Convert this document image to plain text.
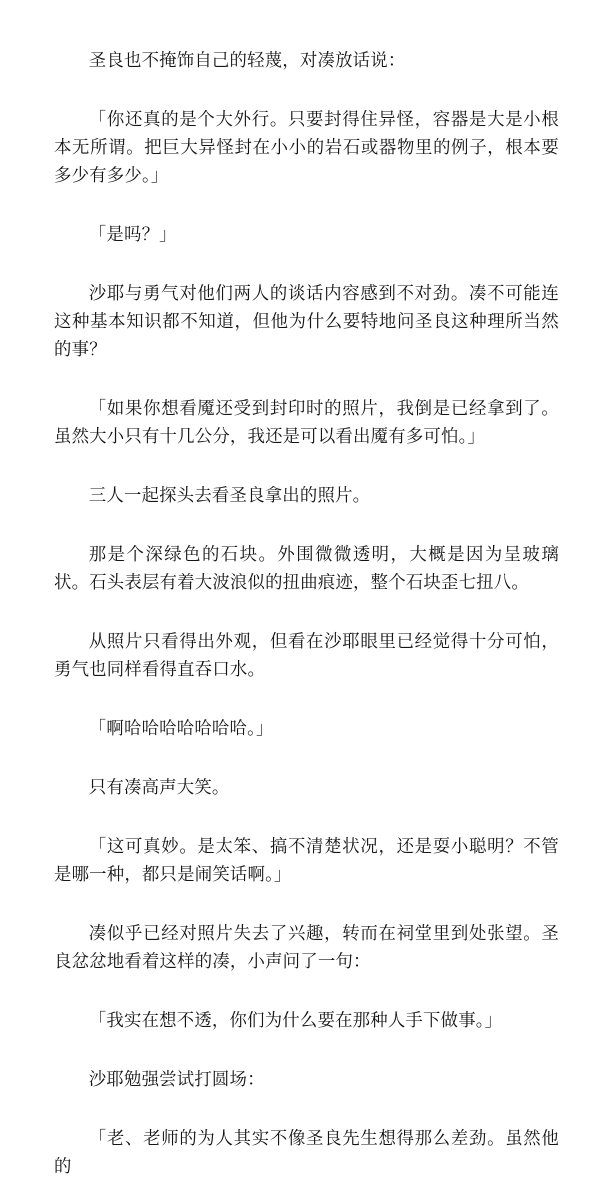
圣良也不掩饰自己的轻蔑，对凑放话说：

「你还真的是个大外行。只要封得住异怪，容器是大是小根本无所谓。把巨大异怪封在小小的岩石或器物里的例子，根本要多少有多少。」

「是吗？」

沙耶与勇气对他们两人的谈话内容感到不对劲。凑不可能连这种基本知识都不知道，但他为什么要特地问圣良这种理所当然的事？

「如果你想看魇还受到封印时的照片，我倒是已经拿到了。虽然大小只有十几公分，我还是可以看出魇有多可怕。」

三人一起探头去看圣良拿出的照片。

那是个深绿色的石块。外围微微透明，大概是因为呈玻璃状。石头表层有着大波浪似的扭曲痕迹，整个石块歪七扭八。

从照片只看得出外观，但看在沙耶眼里已经觉得十分可怕，勇气也同样看得直吞口水。

「啊哈哈哈哈哈哈哈。」

只有凑高声大笑。

「这可真妙。是太笨、搞不清楚状况，还是耍小聪明？不管是哪一种，都只是闹笑话啊。」

凑似乎已经对照片失去了兴趣，转而在祠堂里到处张望。圣良忿忿地看着这样的凑，小声问了一句：

「我实在想不透，你们为什么要在那种人手下做事。」

沙耶勉强尝试打圆场：

「老、老师的为人其实不像圣良先生想得那么差劲。虽然他的
